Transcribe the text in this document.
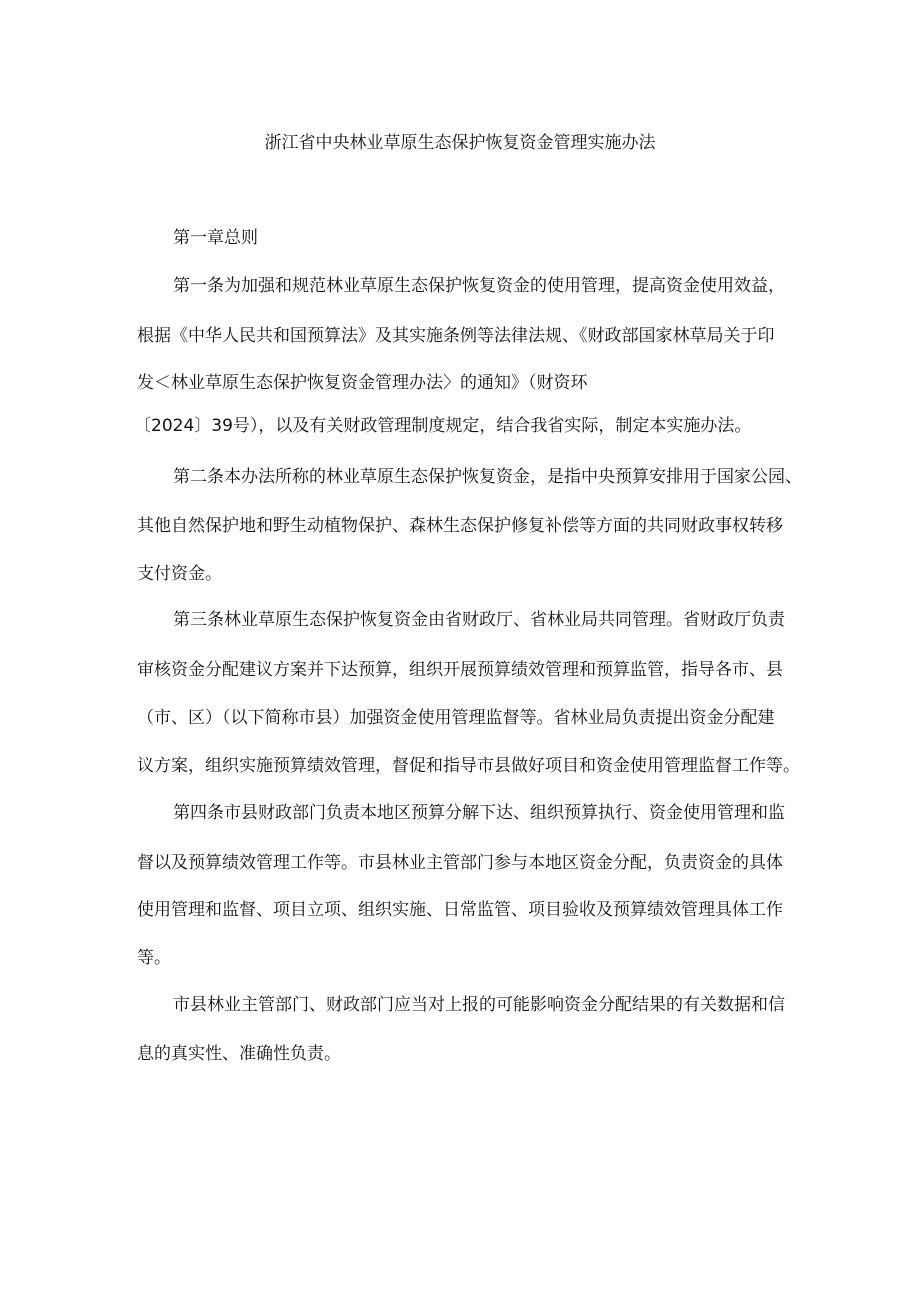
浙江省中央林业草原生态保护恢复资金管理实施办法
第一章总则
第一条为加强和规范林业草原生态保护恢复资金的使用管理，提高资金使用效益，
根据《中华人民共和国预算法》及其实施条例等法律法规、《财政部国家林草局关于印
发＜林业草原生态保护恢复资金管理办法〉的通知》（财资环
〔2024〕39号），以及有关财政管理制度规定，结合我省实际，制定本实施办法。
第二条本办法所称的林业草原生态保护恢复资金，是指中央预算安排用于国家公园、
其他自然保护地和野生动植物保护、森林生态保护修复补偿等方面的共同财政事权转移
支付资金。
第三条林业草原生态保护恢复资金由省财政厅、省林业局共同管理。省财政厅负责
审核资金分配建议方案并下达预算，组织开展预算绩效管理和预算监管，指导各市、县
（市、区）（以下简称市县）加强资金使用管理监督等。省林业局负责提出资金分配建
议方案，组织实施预算绩效管理，督促和指导市县做好项目和资金使用管理监督工作等。
第四条市县财政部门负责本地区预算分解下达、组织预算执行、资金使用管理和监
督以及预算绩效管理工作等。市县林业主管部门参与本地区资金分配，负责资金的具体
使用管理和监督、项目立项、组织实施、日常监管、项目验收及预算绩效管理具体工作
等。
市县林业主管部门、财政部门应当对上报的可能影响资金分配结果的有关数据和信
息的真实性、准确性负责。
